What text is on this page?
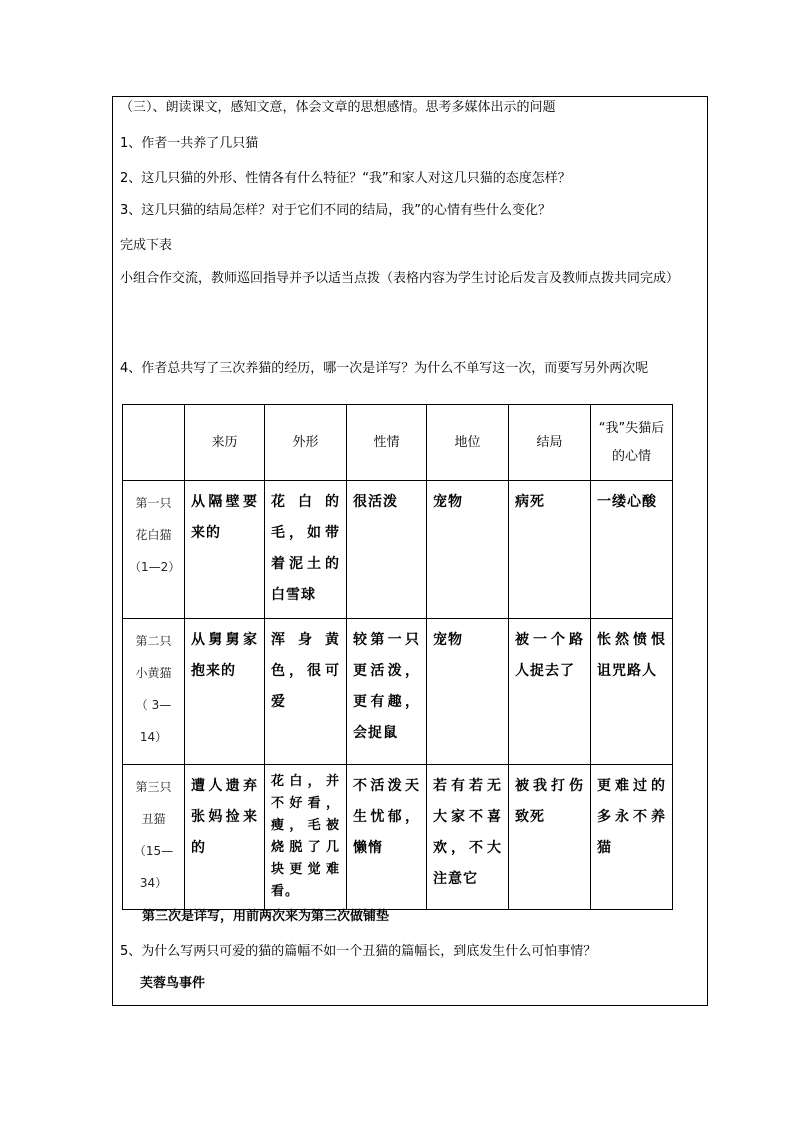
（三）、朗读课文，感知文意，体会文章的思想感情。思考多媒体出示的问题
1、作者一共养了几只猫
2、这几只猫的外形、性情各有什么特征？“我”和家人对这几只猫的态度怎样？
3、这几只猫的结局怎样？对于它们不同的结局，我”的心情有些什么变化？
完成下表
小组合作交流，教师巡回指导并予以适当点拨（表格内容为学生讨论后发言及教师点拨共同完成）
4、作者总共写了三次养猫的经历，哪一次是详写？为什么不单写这一次，而要写另外两次呢
	来历	外形	性情	地位	结局	“我”失猫后的心情

第一只
花白猫
（1—2）	从隔壁要来的	花白的毛，如带着泥土的白雪球	很活泼	宠物	病死	一缕心酸

第二只
小黄猫
（ 3—14）	从舅舅家抱来的	浑身黄色，很可爱	较第一只更活泼，更有趣，会捉鼠	宠物	被一个路人捉去了	怅然愤恨诅咒路人

第三只
丑猫
（15—34）	遭人遗弃张妈捡来的	花白，并不好看，瘦，毛被烧脱了几块更觉难看。	不活泼天生忧郁，懒惰	若有若无大家不喜欢，不大注意它	被我打伤致死	更难过的多永不养猫
第三次是详写，用前两次来为第三次做铺垫
5、为什么写两只可爱的猫的篇幅不如一个丑猫的篇幅长，到底发生什么可怕事情？
芙蓉鸟事件
